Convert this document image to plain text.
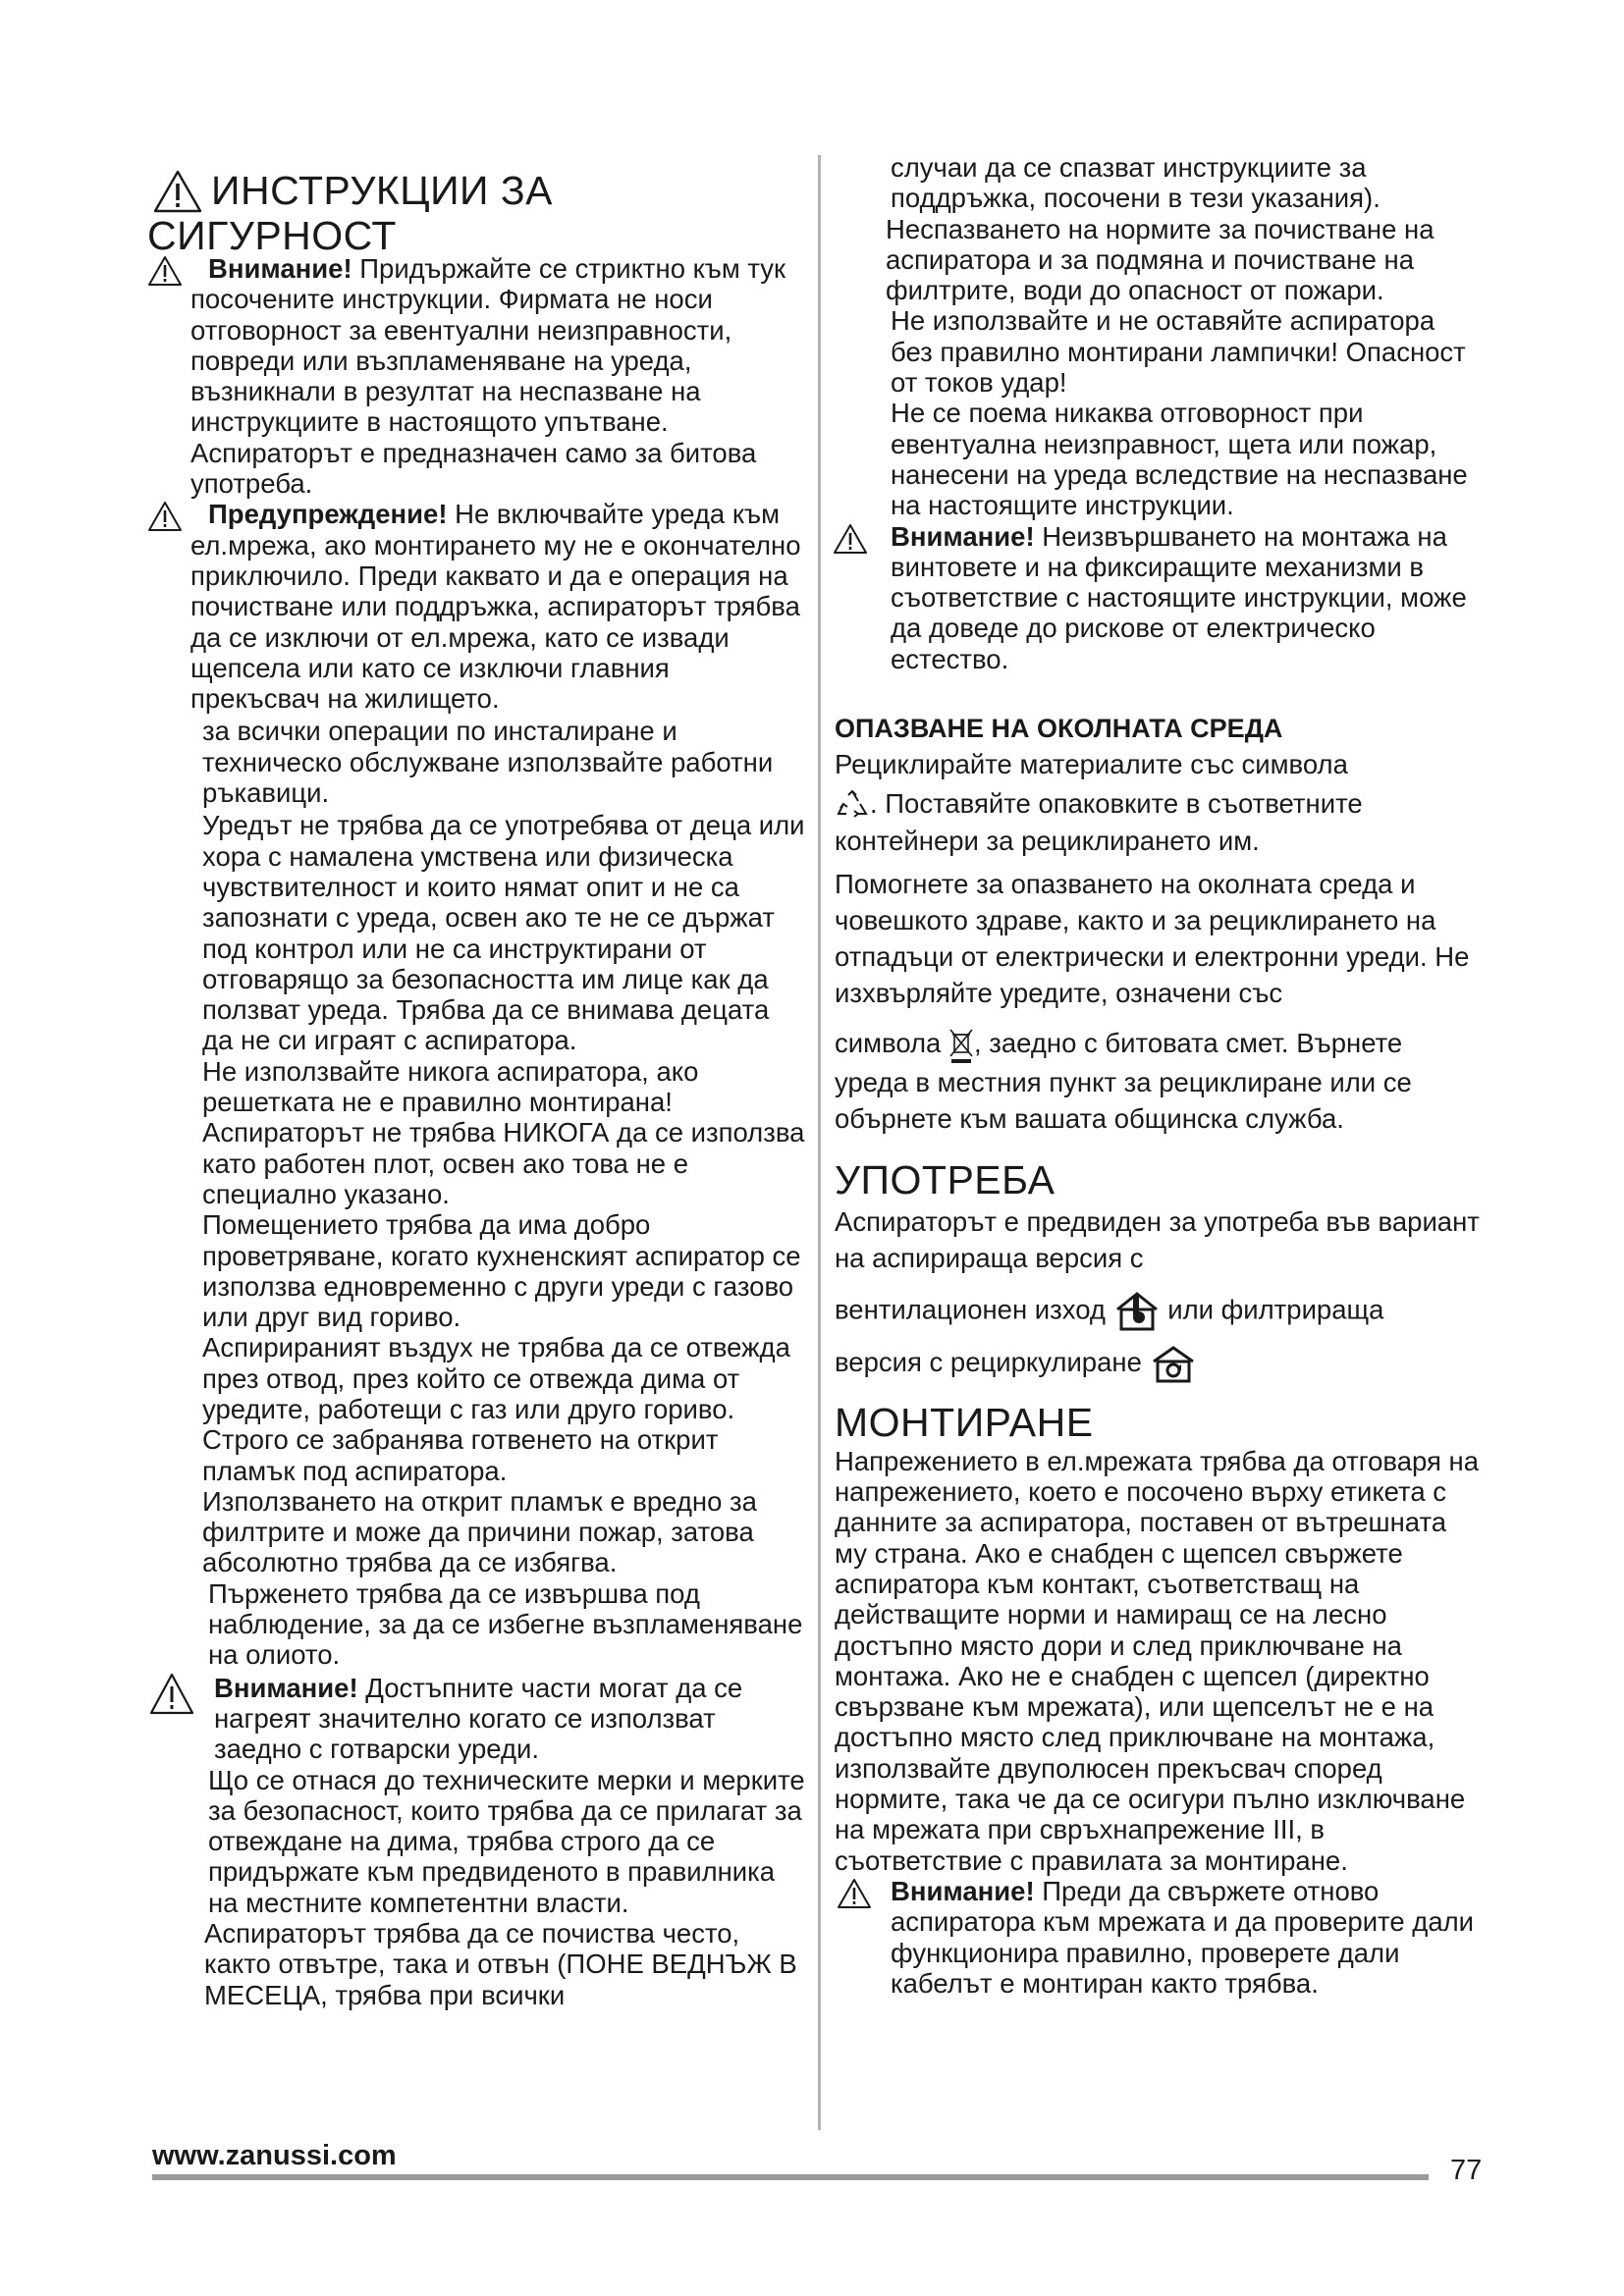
ИНСТРУКЦИИ ЗА
СИГУРНОСТ

Внимание! Придържайте се стриктно към тук посочените инструкции. Фирмата не носи отговорност за евентуални неизправности, повреди или възпламеняване на уреда, възникнали в резултат на неспазване на инструкциите в настоящото упътване. Аспираторът е предназначен само за битова употреба.

Предупреждение! Не включвайте уреда към ел.мрежа, ако монтирането му не е окончателно приключило. Преди каквато и да е операция на почистване или поддръжка, аспираторът трябва да се изключи от ел.мрежа, като се извади щепсела или като се изключи главния прекъсвач на жилището.

за всички операции по инсталиране и техническо обслужване използвайте работни ръкавици.

Уредът не трябва да се употребява от деца или хора с намалена умствена или физическа чувствителност и които нямат опит и не са запознати с уреда, освен ако те не се държат под контрол или не са инструктирани от отговарящо за безопасността им лице как да ползват уреда. Трябва да се внимава децата да не си играят с аспиратора.

Не използвайте никога аспиратора, ако решетката не е правилно монтирана!

Аспираторът не трябва НИКОГА да се използва като работен плот, освен ако това не е специално указано.

Помещението трябва да има добро проветряване, когато кухненският аспиратор се използва едновременно с други уреди с газово или друг вид гориво.

Аспирираният въздух не трябва да се отвежда през отвод, през който се отвежда дима от уредите, работещи с газ или друго гориво.

Строго се забранява готвенето на открит пламък под аспиратора.

Използването на открит пламък е вредно за филтрите и може да причини пожар, затова абсолютно трябва да се избягва.

Пърженето трябва да се извършва под наблюдение, за да се избегне възпламеняване на олиото.

Внимание! Достъпните части могат да се нагреят значително когато се използват заедно с готварски уреди.

Що се отнася до техническите мерки и мерките за безопасност, които трябва да се прилагат за отвеждане на дима, трябва строго да се придържате към предвиденото в правилника на местните компетентни власти.

Аспираторът трябва да се почиства често, както отвътре, така и отвън (ПОНЕ ВЕДНЪЖ В МЕСЕЦА, трябва при всички

случаи да се спазват инструкциите за поддръжка, посочени в тези указания).

Неспазването на нормите за почистване на аспиратора и за подмяна и почистване на филтрите, води до опасност от пожари.

Не използвайте и не оставяйте аспиратора без правилно монтирани лампички! Опасност от токов удар!

Не се поема никаква отговорност при евентуална неизправност, щета или пожар, нанесени на уреда вследствие на неспазване на настоящите инструкции.

Внимание! Неизвършването на монтажа на винтовете и на фиксиращите механизми в съответствие с настоящите инструкции, може да доведе до рискове от електрическо естество.

ОПАЗВАНЕ НА ОКОЛНАТА СРЕДА

Рециклирайте материалите със символа

. Поставяйте опаковките в съответните контейнери за рециклирането им.

Помогнете за опазването на околната среда и човешкото здраве, както и за рециклирането на отпадъци от електрически и електронни уреди. Не изхвърляйте уредите, означени със

символа , заедно с битовата смет. Върнете уреда в местния пункт за рециклиране или се обърнете към вашата общинска служба.

УПОТРЕБА

Аспираторът е предвиден за употреба във вариант на аспирираща версия с

вентилационен изход  или филтрираща

версия с рециркулиране

МОНТИРАНЕ

Напрежението в ел.мрежата трябва да отговаря на напрежението, което е посочено върху етикета с данните за аспиратора, поставен от вътрешната му страна. Ако е снабден с щепсел свържете аспиратора към контакт, съответстващ на действащите норми и намиращ се на лесно достъпно място дори и след приключване на монтажа. Ако не е снабден с щепсел (директно свързване към мрежата), или щепселът не е на достъпно място след приключване на монтажа, използвайте двуполюсен прекъсвач според нормите, така че да се осигури пълно изключване на мрежата при свръхнапрежение III, в съответствие с правилата за монтиране.

Внимание! Преди да свържете отново аспиратора към мрежата и да проверите дали функционира правилно, проверете дали кабелът е монтиран както трябва.

www.zanussi.com	77
